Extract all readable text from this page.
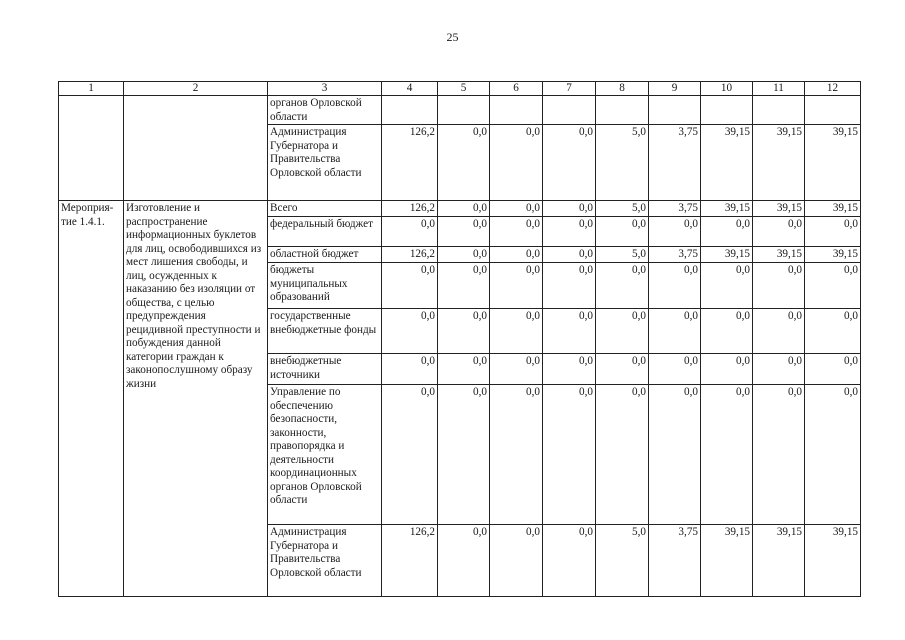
25
1	2	3	4	5	6	7	8	9	10	11	12
		органов Орловской области									
		Администрация Губернатора и Правительства Орловской области	126,2	0,0	0,0	0,0	5,0	3,75	39,15	39,15	39,15
Мероприя-тие 1.4.1.	Изготовление и распространение информационных буклетов для лиц, освободившихся из мест лишения свободы, и лиц, осужденных к наказанию без изоляции от общества, с целью предупреждения рецидивной преступности и побуждения данной категории граждан к законопослушному образу жизни	Всего	126,2	0,0	0,0	0,0	5,0	3,75	39,15	39,15	39,15
		федеральный бюджет	0,0	0,0	0,0	0,0	0,0	0,0	0,0	0,0	0,0
		областной бюджет	126,2	0,0	0,0	0,0	5,0	3,75	39,15	39,15	39,15
		бюджеты муниципальных образований	0,0	0,0	0,0	0,0	0,0	0,0	0,0	0,0	0,0
		государственные внебюджетные фонды	0,0	0,0	0,0	0,0	0,0	0,0	0,0	0,0	0,0
		внебюджетные источники	0,0	0,0	0,0	0,0	0,0	0,0	0,0	0,0	0,0
		Управление по обеспечению безопасности, законности, правопорядка и деятельности координационных органов Орловской области	0,0	0,0	0,0	0,0	0,0	0,0	0,0	0,0	0,0
		Администрация Губернатора и Правительства Орловской области	126,2	0,0	0,0	0,0	5,0	3,75	39,15	39,15	39,15
